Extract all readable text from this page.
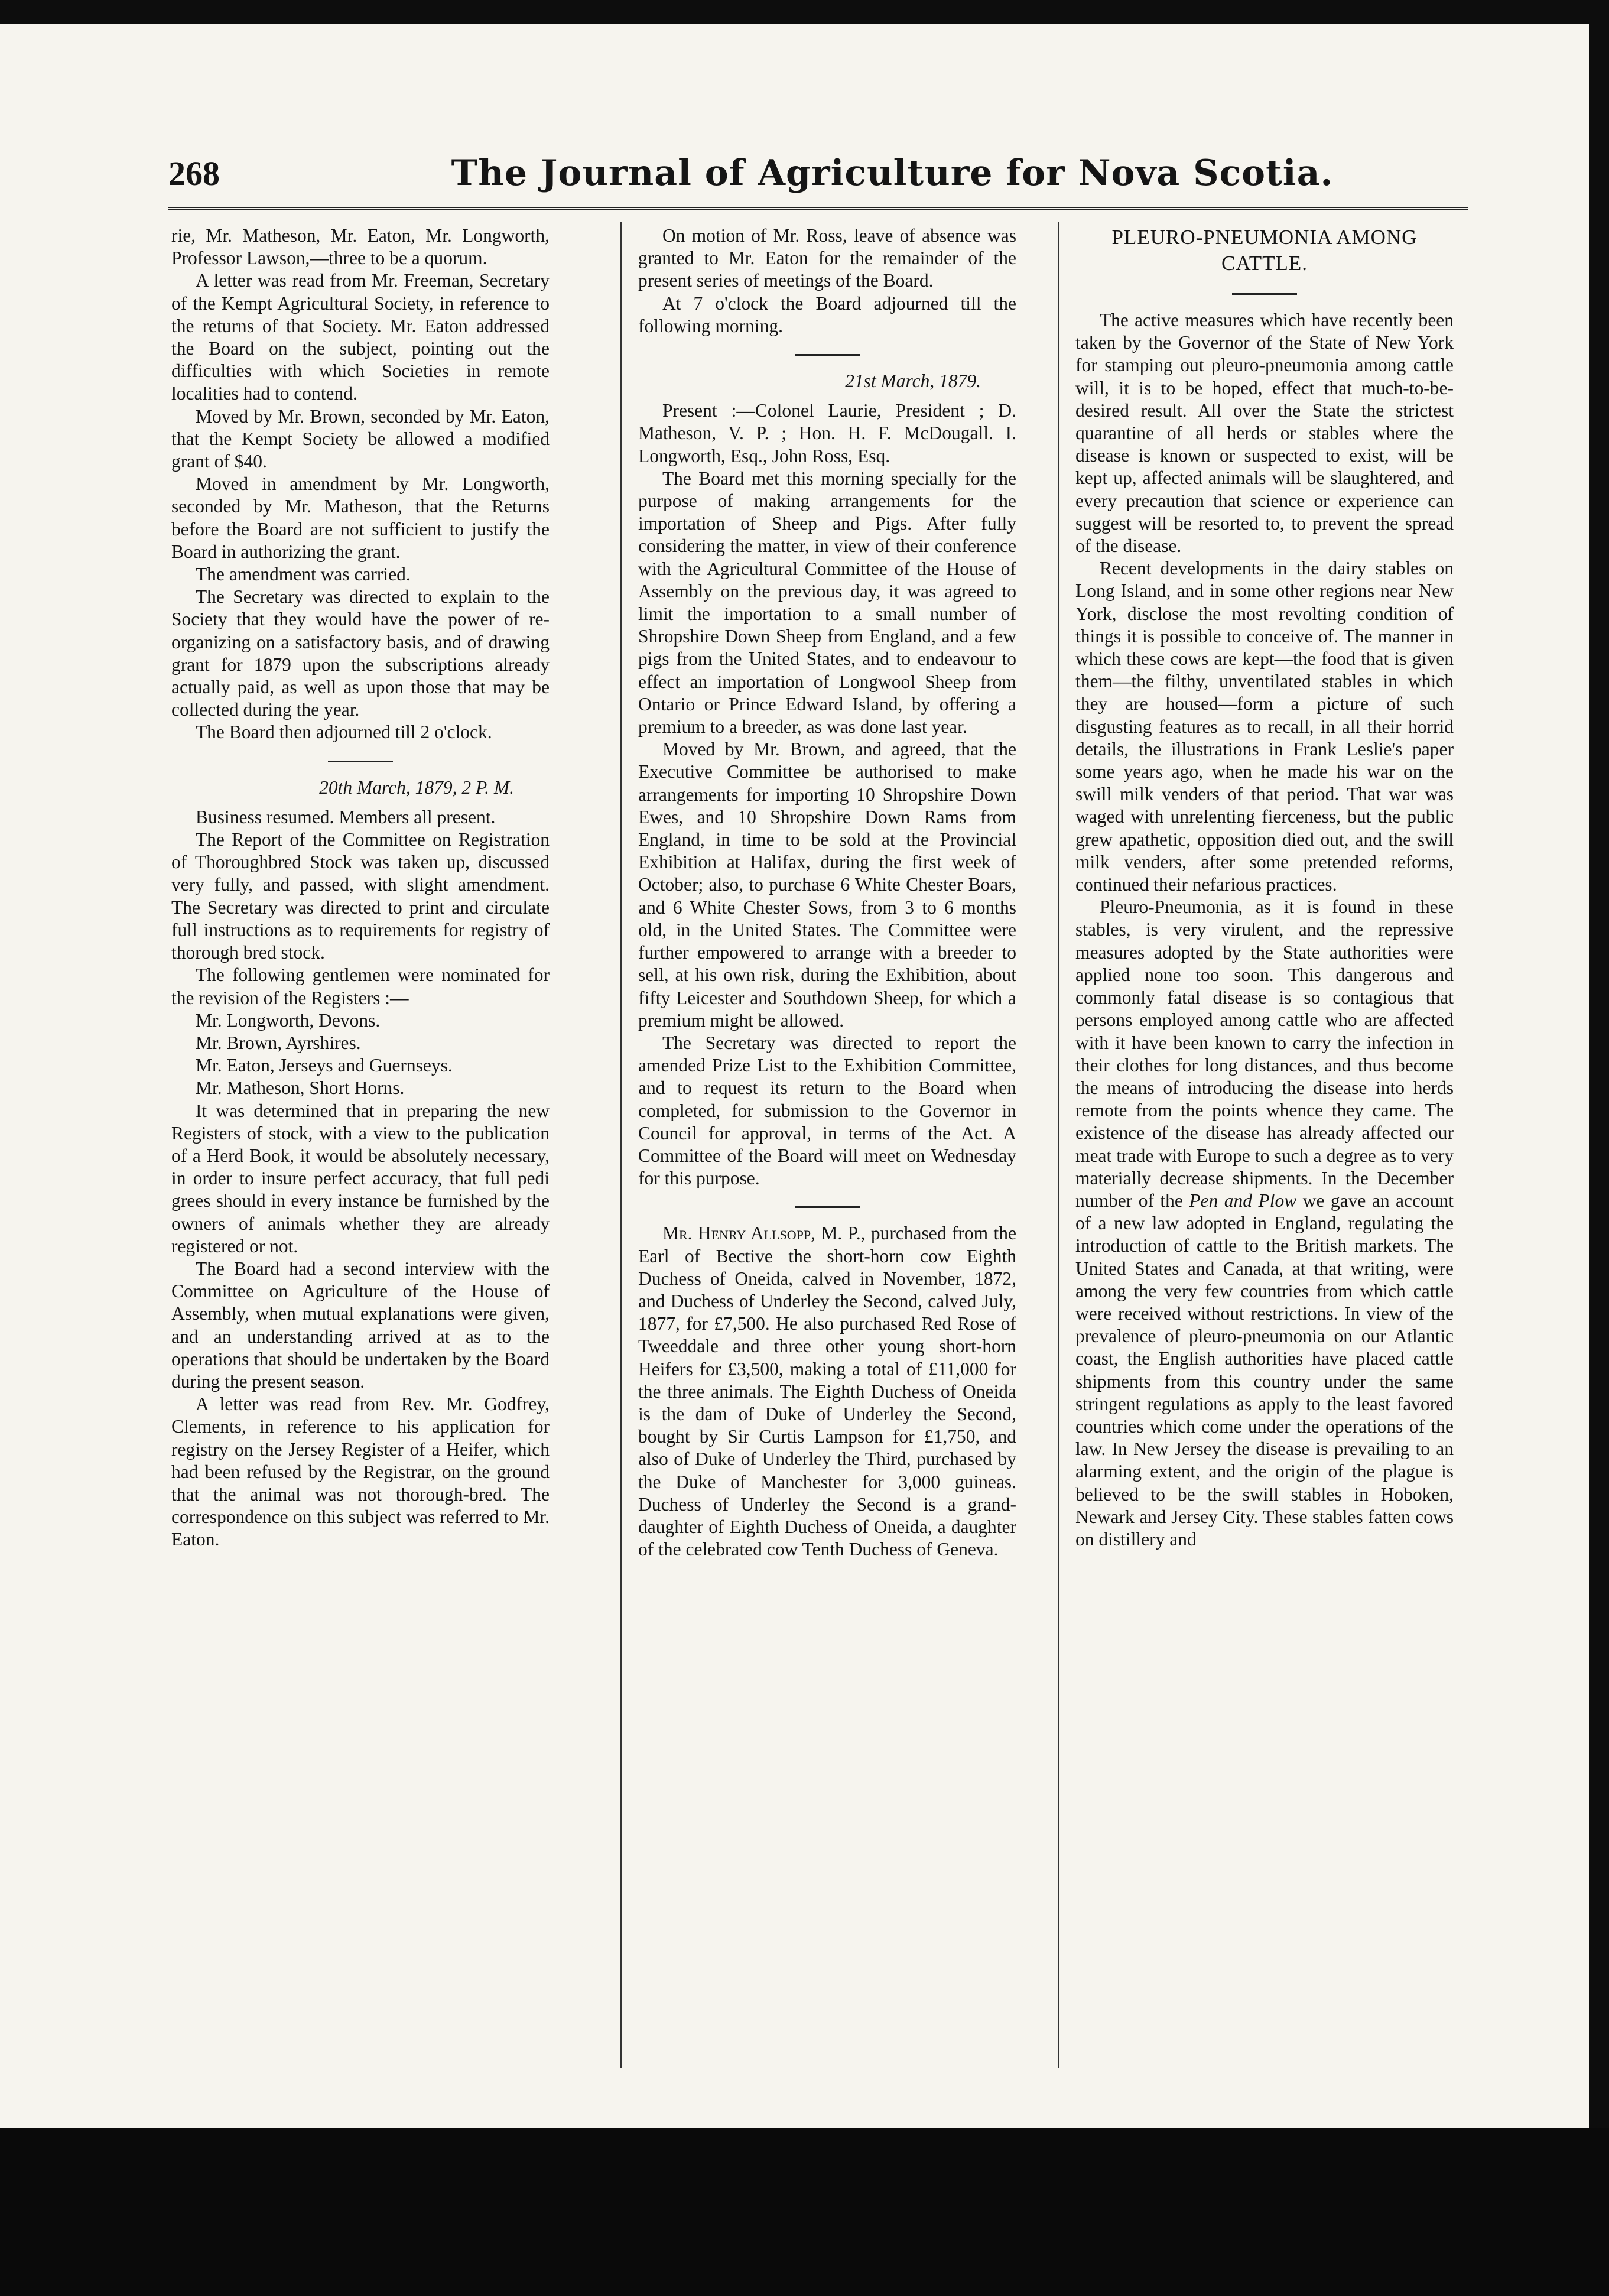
268	The Journal of Agriculture for Nova Scotia.

rie, Mr. Matheson, Mr. Eaton, Mr. Longworth, Professor Lawson,—three to be a quorum.

A letter was read from Mr. Freeman, Secretary of the Kempt Agricultural Society, in reference to the returns of that Society. Mr. Eaton addressed the Board on the subject, pointing out the difficulties with which Societies in remote localities had to contend.

Moved by Mr. Brown, seconded by Mr. Eaton, that the Kempt Society be allowed a modified grant of $40.

Moved in amendment by Mr. Longworth, seconded by Mr. Matheson, that the Returns before the Board are not sufficient to justify the Board in authorizing the grant.

The amendment was carried.

The Secretary was directed to explain to the Society that they would have the power of re-organizing on a satisfactory basis, and of drawing grant for 1879 upon the subscriptions already actually paid, as well as upon those that may be collected during the year.

The Board then adjourned till 2 o'clock.

20th March, 1879, 2 P. M.

Business resumed. Members all present.

The Report of the Committee on Registration of Thoroughbred Stock was taken up, discussed very fully, and passed, with slight amendment. The Secretary was directed to print and circulate full instructions as to requirements for registry of thorough bred stock.

The following gentlemen were nominated for the revision of the Registers :—

Mr. Longworth, Devons.
Mr. Brown, Ayrshires.
Mr. Eaton, Jerseys and Guernseys.
Mr. Matheson, Short Horns.

It was determined that in preparing the new Registers of stock, with a view to the publication of a Herd Book, it would be absolutely necessary, in order to insure perfect accuracy, that full pedi grees should in every instance be furnished by the owners of animals whether they are already registered or not.

The Board had a second interview with the Committee on Agriculture of the House of Assembly, when mutual explanations were given, and an understanding arrived at as to the operations that should be undertaken by the Board during the present season.

A letter was read from Rev. Mr. Godfrey, Clements, in reference to his application for registry on the Jersey Register of a Heifer, which had been refused by the Registrar, on the ground that the animal was not thorough-bred. The correspondence on this subject was referred to Mr. Eaton.

On motion of Mr. Ross, leave of absence was granted to Mr. Eaton for the remainder of the present series of meetings of the Board.

At 7 o'clock the Board adjourned till the following morning.

21st March, 1879.

Present :—Colonel Laurie, President ; D. Matheson, V. P. ; Hon. H. F. McDougall. I. Longworth, Esq., John Ross, Esq.

The Board met this morning specially for the purpose of making arrangements for the importation of Sheep and Pigs. After fully considering the matter, in view of their conference with the Agricultural Committee of the House of Assembly on the previous day, it was agreed to limit the importation to a small number of Shropshire Down Sheep from England, and a few pigs from the United States, and to endeavour to effect an importation of Longwool Sheep from Ontario or Prince Edward Island, by offering a premium to a breeder, as was done last year.

Moved by Mr. Brown, and agreed, that the Executive Committee be authorised to make arrangements for importing 10 Shropshire Down Ewes, and 10 Shropshire Down Rams from England, in time to be sold at the Provincial Exhibition at Halifax, during the first week of October; also, to purchase 6 White Chester Boars, and 6 White Chester Sows, from 3 to 6 months old, in the United States. The Committee were further empowered to arrange with a breeder to sell, at his own risk, during the Exhibition, about fifty Leicester and Southdown Sheep, for which a premium might be allowed.

The Secretary was directed to report the amended Prize List to the Exhibition Committee, and to request its return to the Board when completed, for submission to the Governor in Council for approval, in terms of the Act. A Committee of the Board will meet on Wednesday for this purpose.

Mr. Henry Allsopp, M. P., purchased from the Earl of Bective the short-horn cow Eighth Duchess of Oneida, calved in November, 1872, and Duchess of Underley the Second, calved July, 1877, for £7,500. He also purchased Red Rose of Tweeddale and three other young short-horn Heifers for £3,500, making a total of £11,000 for the three animals. The Eighth Duchess of Oneida is the dam of Duke of Underley the Second, bought by Sir Curtis Lampson for £1,750, and also of Duke of Underley the Third, purchased by the Duke of Manchester for 3,000 guineas. Duchess of Underley the Second is a grand-daughter of Eighth Duchess of Oneida, a daughter of the celebrated cow Tenth Duchess of Geneva.

PLEURO-PNEUMONIA AMONG CATTLE.

The active measures which have recently been taken by the Governor of the State of New York for stamping out pleuro-pneumonia among cattle will, it is to be hoped, effect that much-to-be-desired result. All over the State the strictest quarantine of all herds or stables where the disease is known or suspected to exist, will be kept up, affected animals will be slaughtered, and every precaution that science or experience can suggest will be resorted to, to prevent the spread of the disease.

Recent developments in the dairy stables on Long Island, and in some other regions near New York, disclose the most revolting condition of things it is possible to conceive of. The manner in which these cows are kept—the food that is given them—the filthy, unventilated stables in which they are housed—form a picture of such disgusting features as to recall, in all their horrid details, the illustrations in Frank Leslie's paper some years ago, when he made his war on the swill milk venders of that period. That war was waged with unrelenting fierceness, but the public grew apathetic, opposition died out, and the swill milk venders, after some pretended reforms, continued their nefarious practices.

Pleuro-Pneumonia, as it is found in these stables, is very virulent, and the repressive measures adopted by the State authorities were applied none too soon. This dangerous and commonly fatal disease is so contagious that persons employed among cattle who are affected with it have been known to carry the infection in their clothes for long distances, and thus become the means of introducing the disease into herds remote from the points whence they came. The existence of the disease has already affected our meat trade with Europe to such a degree as to very materially decrease shipments. In the December number of the Pen and Plow we gave an account of a new law adopted in England, regulating the introduction of cattle to the British markets. The United States and Canada, at that writing, were among the very few countries from which cattle were received without restrictions. In view of the prevalence of pleuro-pneumonia on our Atlantic coast, the English authorities have placed cattle shipments from this country under the same stringent regulations as apply to the least favored countries which come under the operations of the law. In New Jersey the disease is prevailing to an alarming extent, and the origin of the plague is believed to be the swill stables in Hoboken, Newark and Jersey City. These stables fatten cows on distillery and
